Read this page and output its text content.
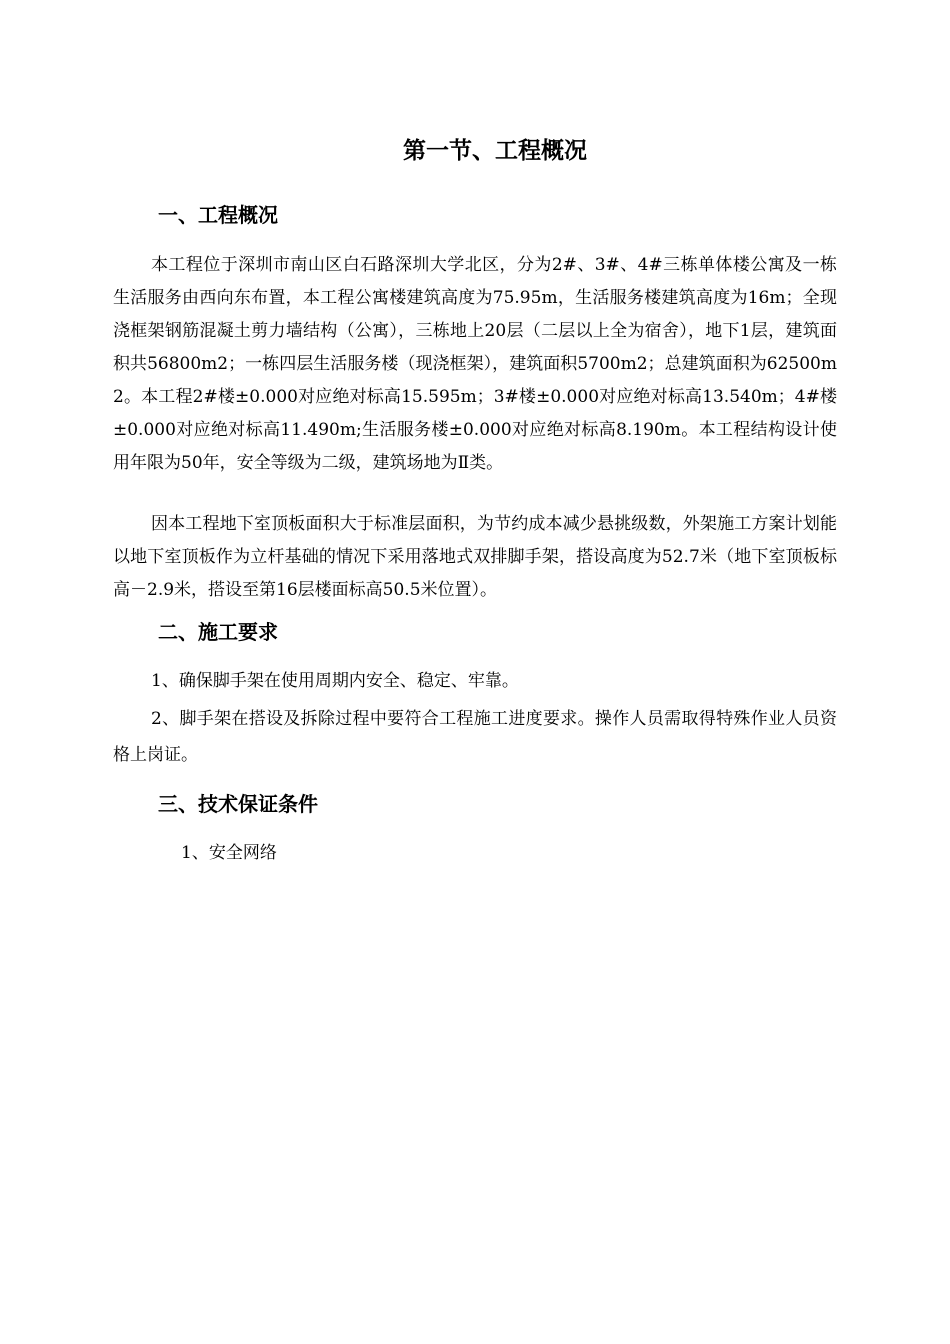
第一节、工程概况
一、工程概况

本工程位于深圳市南山区白石路深圳大学北区，分为2#、3#、4#三栋单体楼公寓及一栋生活服务由西向东布置，本工程公寓楼建筑高度为75.95m，生活服务楼建筑高度为16m；全现浇框架钢筋混凝土剪力墙结构（公寓），三栋地上20层（二层以上全为宿舍），地下1层，建筑面积共56800m2；一栋四层生活服务楼（现浇框架），建筑面积5700m2；总建筑面积为62500m2。本工程2#楼±0.000对应绝对标高15.595m；3#楼±0.000对应绝对标高13.540m；4#楼±0.000对应绝对标高11.490m;生活服务楼±0.000对应绝对标高8.190m。本工程结构设计使用年限为50年，安全等级为二级，建筑场地为Ⅱ类。

因本工程地下室顶板面积大于标准层面积，为节约成本减少悬挑级数，外架施工方案计划能以地下室顶板作为立杆基础的情况下采用落地式双排脚手架，搭设高度为52.7米（地下室顶板标高－2.9米，搭设至第16层楼面标高50.5米位置）。

二、施工要求

1、确保脚手架在使用周期内安全、稳定、牢靠。

2、脚手架在搭设及拆除过程中要符合工程施工进度要求。操作人员需取得特殊作业人员资格上岗证。

三、技术保证条件

1、安全网络
